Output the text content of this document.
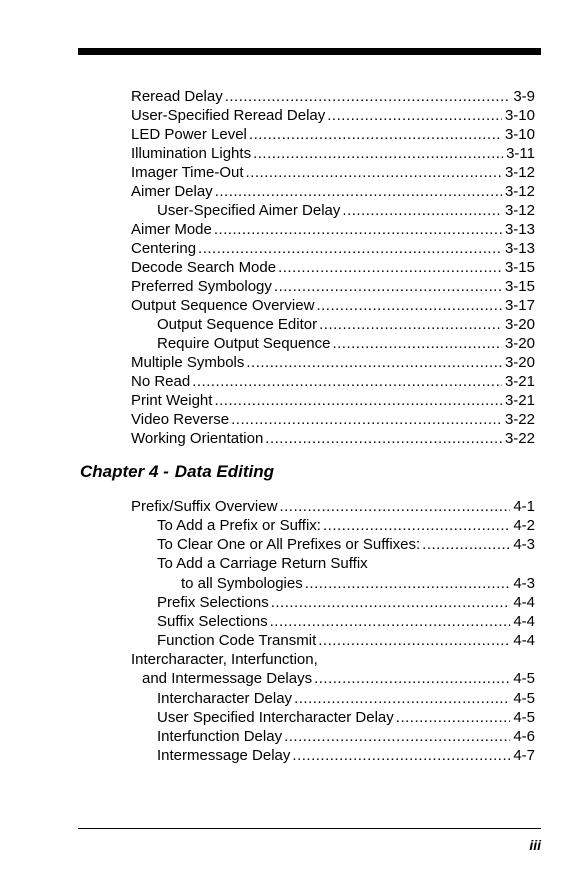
Reread Delay .....	3-9
User-Specified Reread Delay .....	3-10
LED Power Level .....	3-10
Illumination Lights .....	3-11
Imager Time-Out .....	3-12
Aimer Delay .....	3-12
User-Specified Aimer Delay .....	3-12
Aimer Mode .....	3-13
Centering .....	3-13
Decode Search Mode .....	3-15
Preferred Symbology .....	3-15
Output Sequence Overview .....	3-17
Output Sequence Editor .....	3-20
Require Output Sequence .....	3-20
Multiple Symbols .....	3-20
No Read .....	3-21
Print Weight .....	3-21
Video Reverse .....	3-22
Working Orientation .....	3-22
Prefix/Suffix Overview .....	4-1
To Add a Prefix or Suffix: .....	4-2
To Clear One or All Prefixes or Suffixes: .....	4-3
To Add a Carriage Return Suffix
to all Symbologies .....	4-3
Prefix Selections .....	4-4
Suffix Selections .....	4-4
Function Code Transmit .....	4-4
Intercharacter, Interfunction,
and Intermessage Delays .....	4-5
Intercharacter Delay .....	4-5
User Specified Intercharacter Delay .....	4-5
Interfunction Delay .....	4-6
Intermessage Delay .....	4-7
Chapter 4 - Data Editing
iii
